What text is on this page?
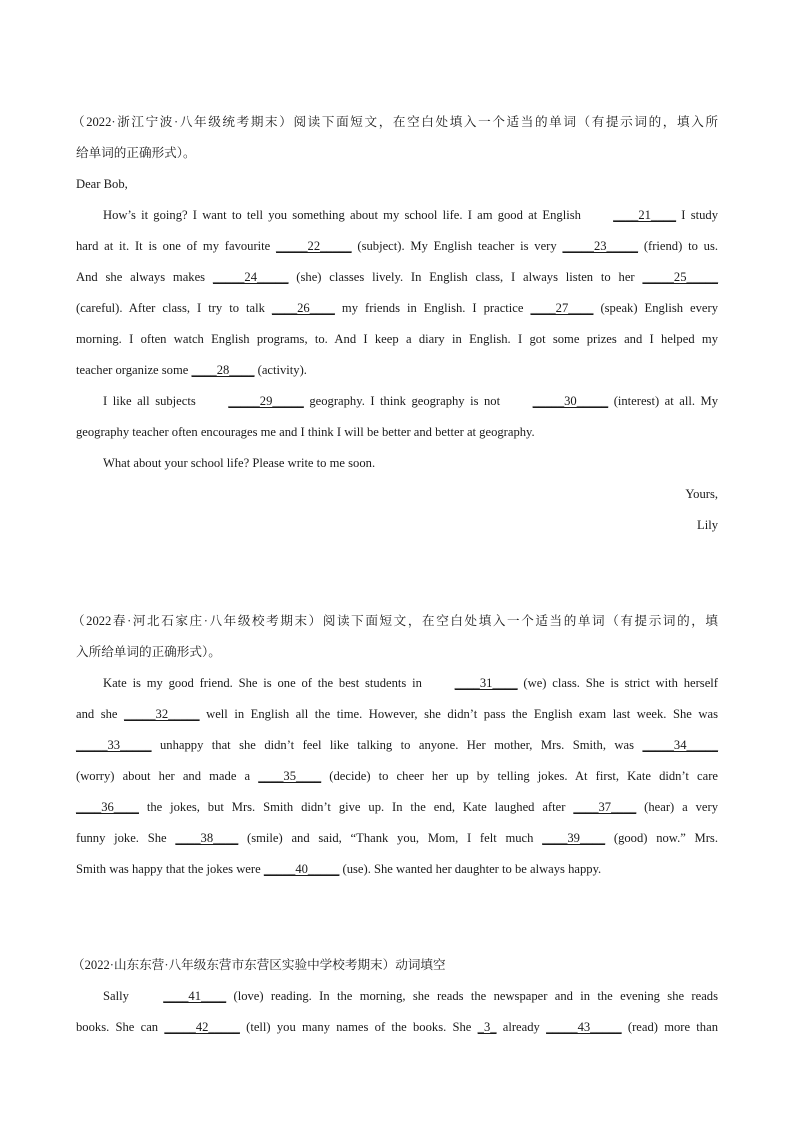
（2022·浙江宁波·八年级统考期末）阅读下面短文，在空白处填入一个适当的单词（有提示词的，填入所
给单词的正确形式）。
Dear Bob,
How’s it going? I want to tell you something about my school life. I am good at English ____21____ I study
hard at it. It is one of my favourite _____22_____ (subject). My English teacher is very _____23_____ (friend) to us.
And she always makes _____24_____ (she) classes lively. In English class, I always listen to her _____25_____
(careful). After class, I try to talk ____26____ my friends in English. I practice ____27____ (speak) English every
morning. I often watch English programs, to. And I keep a diary in English. I got some prizes and I helped my
teacher organize some ____28____ (activity).
I like all subjects _____29_____ geography. I think geography is not _____30_____ (interest) at all. My
geography teacher often encourages me and I think I will be better and better at geography.
What about your school life? Please write to me soon.
Yours,
Lily
（2022春·河北石家庄·八年级校考期末）阅读下面短文，在空白处填入一个适当的单词（有提示词的，填
入所给单词的正确形式）。
Kate is my good friend. She is one of the best students in ____31____ (we) class. She is strict with herself
and she _____32_____ well in English all the time. However, she didn’t pass the English exam last week. She was
_____33_____ unhappy that she didn’t feel like talking to anyone. Her mother, Mrs. Smith, was _____34_____
(worry) about her and made a ____35____ (decide) to cheer her up by telling jokes. At first, Kate didn’t care
____36____ the jokes, but Mrs. Smith didn’t give up. In the end, Kate laughed after ____37____ (hear) a very
funny joke. She ____38____ (smile) and said, “Thank you, Mom, I felt much ____39____ (good) now.” Mrs.
Smith was happy that the jokes were _____40_____ (use). She wanted her daughter to be always happy.
（2022·山东东营·八年级东营市东营区实验中学校考期末）动词填空
Sally ____41____ (love) reading. In the morning, she reads the newspaper and in the evening she reads
books. She can _____42_____ (tell) you many names of the books. She _3_ already _____43_____ (read) more than
